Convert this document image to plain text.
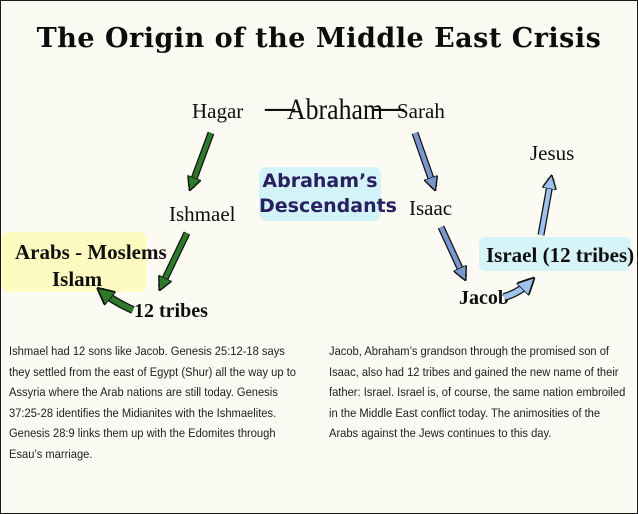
The Origin of the Middle East Crisis
Hagar —
Abraham
—
Sarah
Abraham’s
Descendants
Ishmael	Isaac
Jesus
Arabs - Moslems
Islam
12 tribes
Jacob
Israel (12 tribes)
Ishmael had 12 sons like Jacob. Genesis 25:12-18 says they settled from the east of Egypt (Shur) all the way up to Assyria where the Arab nations are still today. Genesis 37:25-28 identifies the Midianites with the Ishmaelites. Genesis 28:9 links them up with the Edomites through Esau’s marriage.
Jacob, Abraham’s grandson through the promised son of Isaac, also had 12 tribes and gained the new name of their father: Israel. Israel is, of course, the same nation embroiled in the Middle East conflict today. The animosities of the Arabs against the Jews continues to this day.
